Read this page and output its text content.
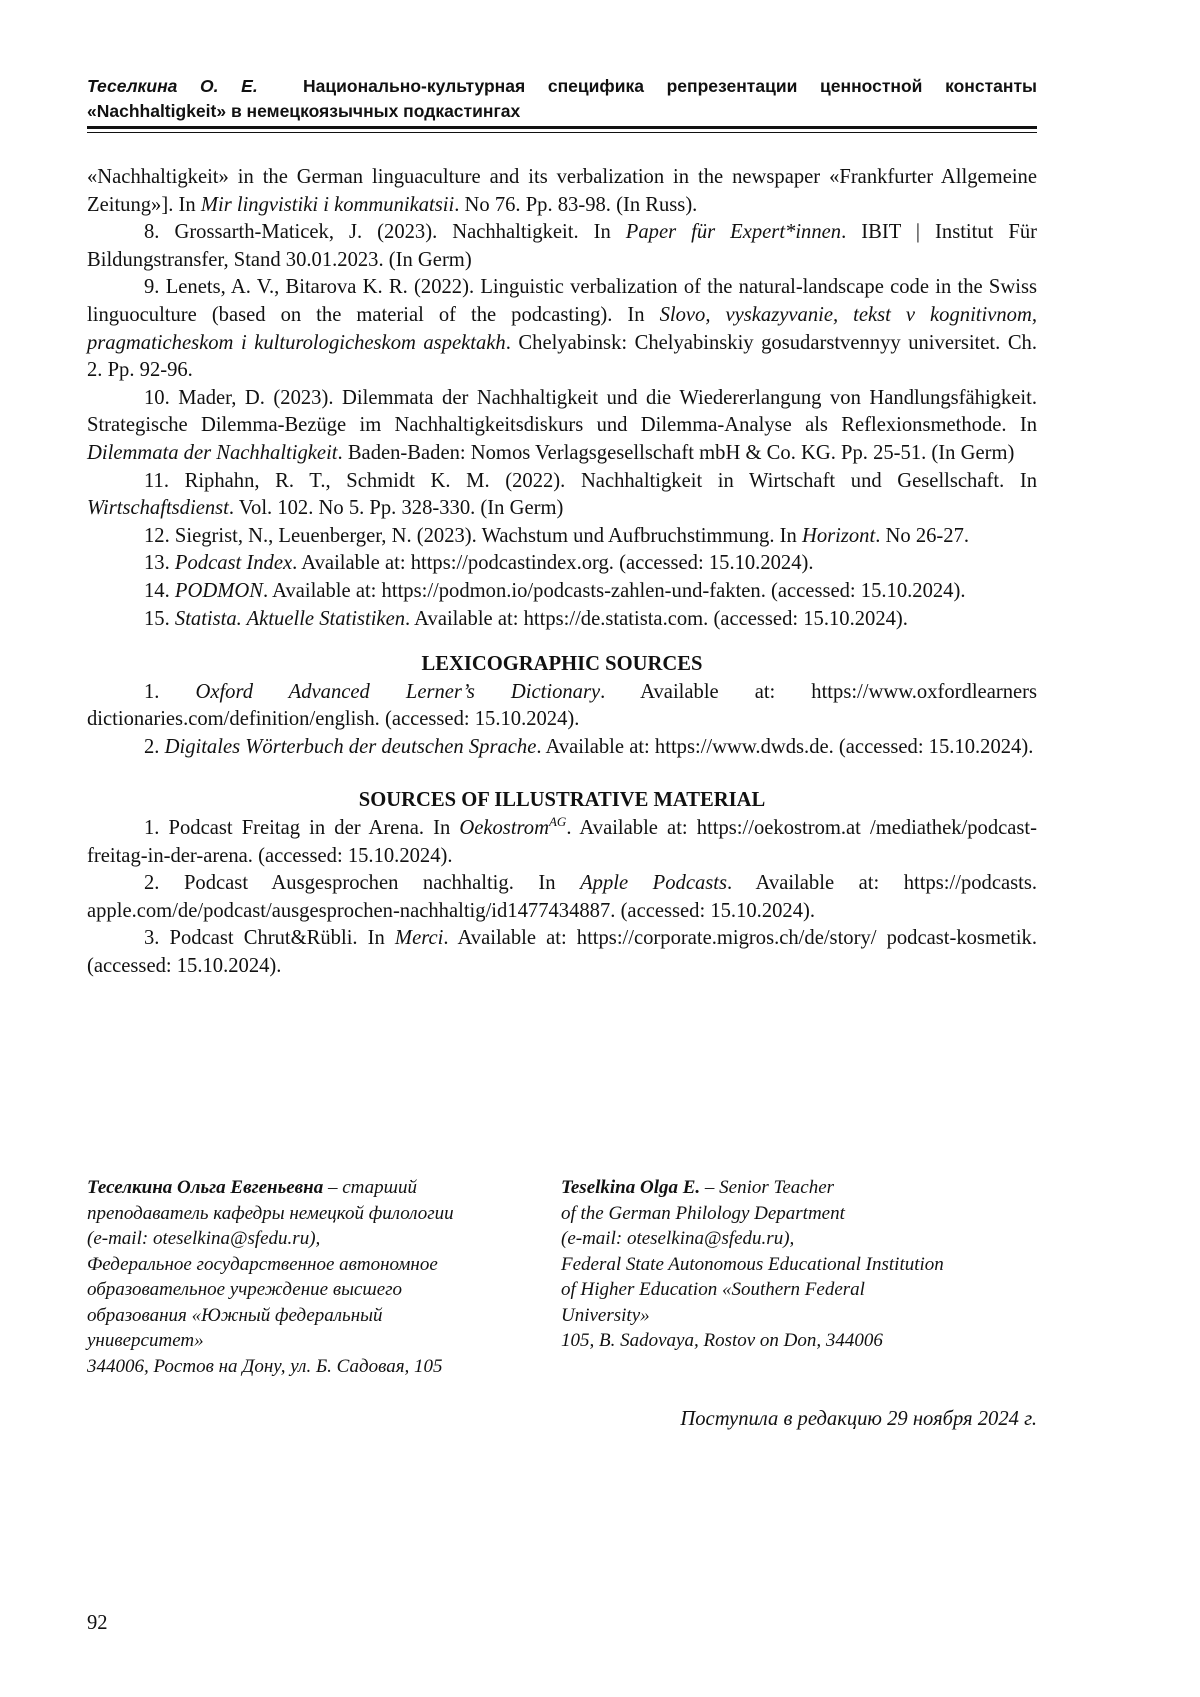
Теселкина О. Е.	Национально-культурная специфика репрезентации ценностной константы «Nachhaltigkeit» в немецкоязычных подкастингах

«Nachhaltigkeit» in the German linguaculture and its verbalization in the newspaper «Frankfurter Allgemeine Zeitung»]. In Mir lingvistiki i kommunikatsii. No 76. Pp. 83-98. (In Russ).

8. Grossarth-Maticek, J. (2023). Nachhaltigkeit. In Paper für Expert*innen. IBIT | Institut Für Bildungstransfer, Stand 30.01.2023. (In Germ)

9. Lenets, A. V., Bitarova K. R. (2022). Linguistic verbalization of the natural-landscape code in the Swiss linguoculture (based on the material of the podcasting). In Slovo, vyskazyvanie, tekst v kognitivnom, pragmaticheskom i kulturologicheskom aspektakh. Chelyabinsk: Chelyabinskiy gosudarstvennyy universitet. Ch. 2. Pp. 92-96.

10. Mader, D. (2023). Dilemmata der Nachhaltigkeit und die Wiedererlangung von Handlungsfähigkeit. Strategische Dilemma-Bezüge im Nachhaltigkeitsdiskurs und Dilemma-Analyse als Reflexionsmethode. In Dilemmata der Nachhaltigkeit. Baden-Baden: Nomos Verlagsgesellschaft mbH & Co. KG. Pp. 25-51. (In Germ)

11. Riphahn, R. T., Schmidt K. M. (2022). Nachhaltigkeit in Wirtschaft und Gesellschaft. In Wirtschaftsdienst. Vol. 102. No 5. Pp. 328-330. (In Germ)

12. Siegrist, N., Leuenberger, N. (2023). Wachstum und Aufbruchstimmung. In Horizont. No 26-27.

13. Podcast Index. Available at: https://podcastindex.org. (accessed: 15.10.2024).

14. PODMON. Available at: https://podmon.io/podcasts-zahlen-und-fakten. (accessed: 15.10.2024).

15. Statista. Aktuelle Statistiken. Available at: https://de.statista.com. (accessed: 15.10.2024).

LEXICOGRAPHIC SOURCES

1. Oxford Advanced Lerner’s Dictionary. Available at: https://www.oxfordlearners dictionaries.com/definition/english. (accessed: 15.10.2024).

2. Digitales Wörterbuch der deutschen Sprache. Available at: https://www.dwds.de. (accessed: 15.10.2024).

SOURCES OF ILLUSTRATIVE MATERIAL

1. Podcast Freitag in der Arena. In Oekostrom$^{AG}$. Available at: https://oekostrom.at /mediathek/podcast-freitag-in-der-arena. (accessed: 15.10.2024).

2. Podcast Ausgesprochen nachhaltig. In Apple Podcasts. Available at: https://podcasts. apple.com/de/podcast/ausgesprochen-nachhaltig/id1477434887. (accessed: 15.10.2024).

3. Podcast Chrut&Rübli. In Merci. Available at: https://corporate.migros.ch/de/story/ podcast-kosmetik. (accessed: 15.10.2024).

Теселкина Ольга Евгеньевна – старший
преподаватель кафедры немецкой филологии
(e-mail: oteselkina@sfedu.ru),
Федеральное государственное автономное
образовательное учреждение высшего
образования «Южный федеральный
университет»
344006, Ростов на Дону, ул. Б. Садовая, 105
Teselkina Olga E. – Senior Teacher
of the German Philology Department
(e-mail: oteselkina@sfedu.ru),
Federal State Autonomous Educational Institution
of Higher Education «Southern Federal
University»
105, B. Sadovaya, Rostov on Don, 344006
Поступила в редакцию 29 ноября 2024 г.
92
